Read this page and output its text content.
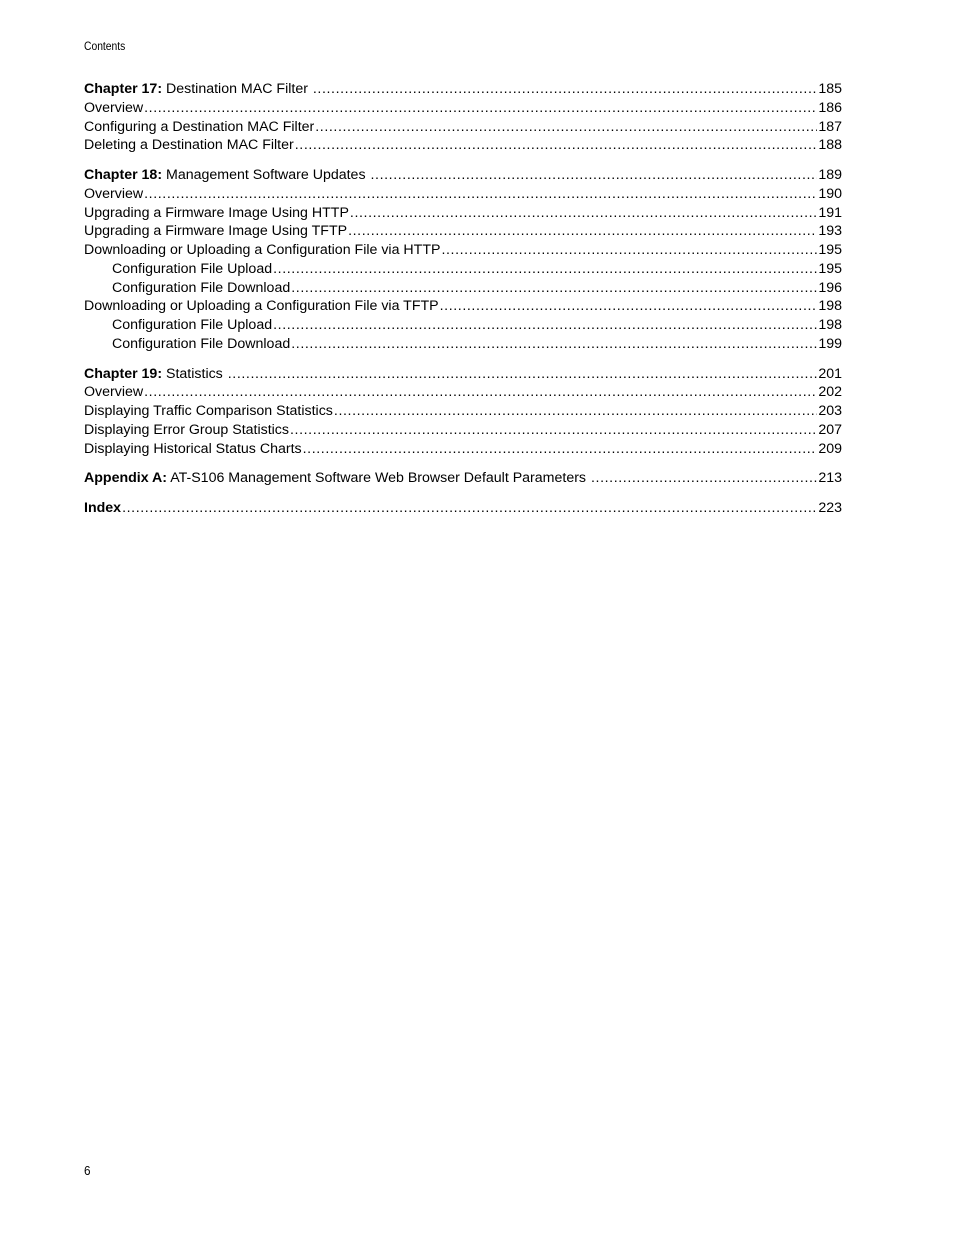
Contents
Chapter 17: Destination MAC Filter .....	185
Overview .....	186
Configuring a Destination MAC Filter .....	187
Deleting a Destination MAC Filter .....	188
Chapter 18: Management Software Updates .....	189
Overview .....	190
Upgrading a Firmware Image Using HTTP .....	191
Upgrading a Firmware Image Using TFTP .....	193
Downloading or Uploading a Configuration File via HTTP .....	195
Configuration File Upload .....	195
Configuration File Download .....	196
Downloading or Uploading a Configuration File via TFTP .....	198
Configuration File Upload .....	198
Configuration File Download .....	199
Chapter 19: Statistics .....	201
Overview .....	202
Displaying Traffic Comparison Statistics .....	203
Displaying Error Group Statistics .....	207
Displaying Historical Status Charts .....	209
Appendix A: AT-S106 Management Software Web Browser Default Parameters .....	213
Index .....	223
6
